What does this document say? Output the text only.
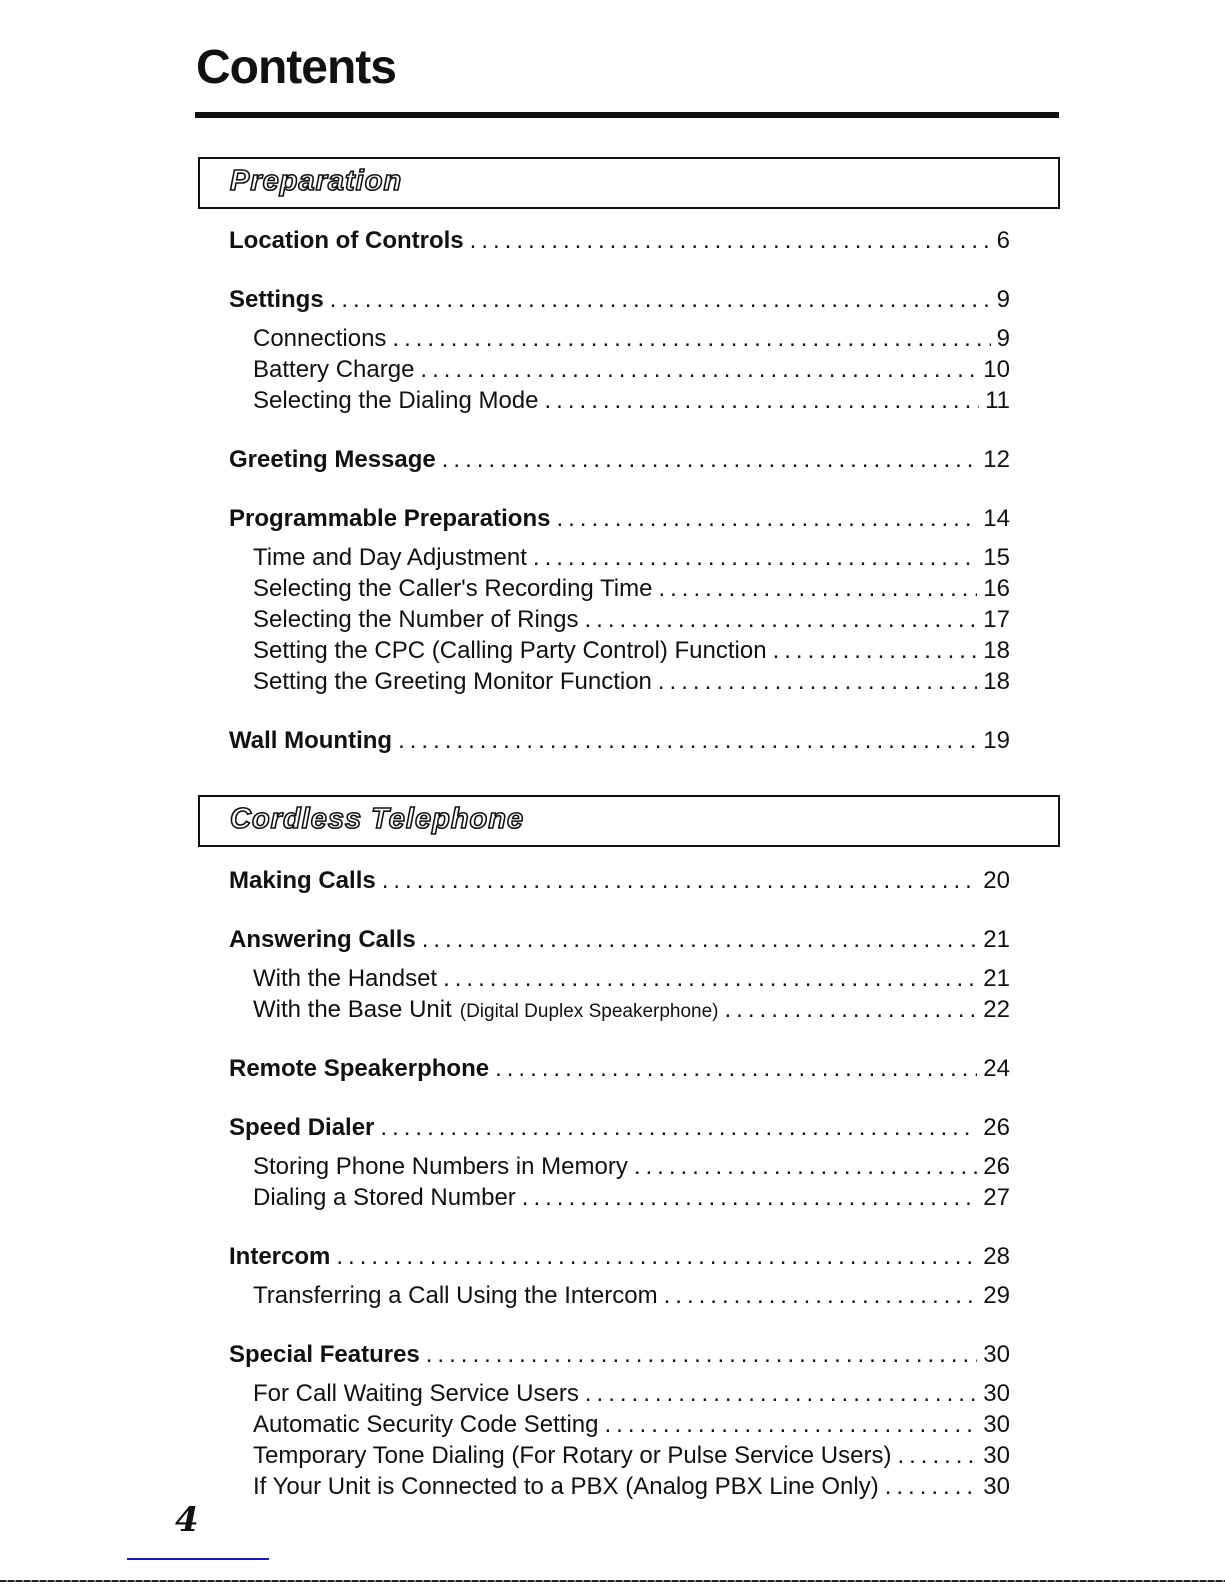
Contents
Preparation
Location of Controls .....	6
Settings .....	9
Connections .....	9
Battery Charge .....	10
Selecting the Dialing Mode .....	11
Greeting Message .....	12
Programmable Preparations .....	14
Time and Day Adjustment .....	15
Selecting the Caller's Recording Time .....	16
Selecting the Number of Rings .....	17
Setting the CPC (Calling Party Control) Function .....	18
Setting the Greeting Monitor Function .....	18
Wall Mounting .....	19
Cordless Telephone
Making Calls .....	20
Answering Calls .....	21
With the Handset .....	21
With the Base Unit (Digital Duplex Speakerphone) .....	22
Remote Speakerphone .....	24
Speed Dialer .....	26
Storing Phone Numbers in Memory .....	26
Dialing a Stored Number .....	27
Intercom .....	28
Transferring a Call Using the Intercom .....	29
Special Features .....	30
For Call Waiting Service Users .....	30
Automatic Security Code Setting .....	30
Temporary Tone Dialing (For Rotary or Pulse Service Users) .....	30
If Your Unit is Connected to a PBX (Analog PBX Line Only) .....	30
4
